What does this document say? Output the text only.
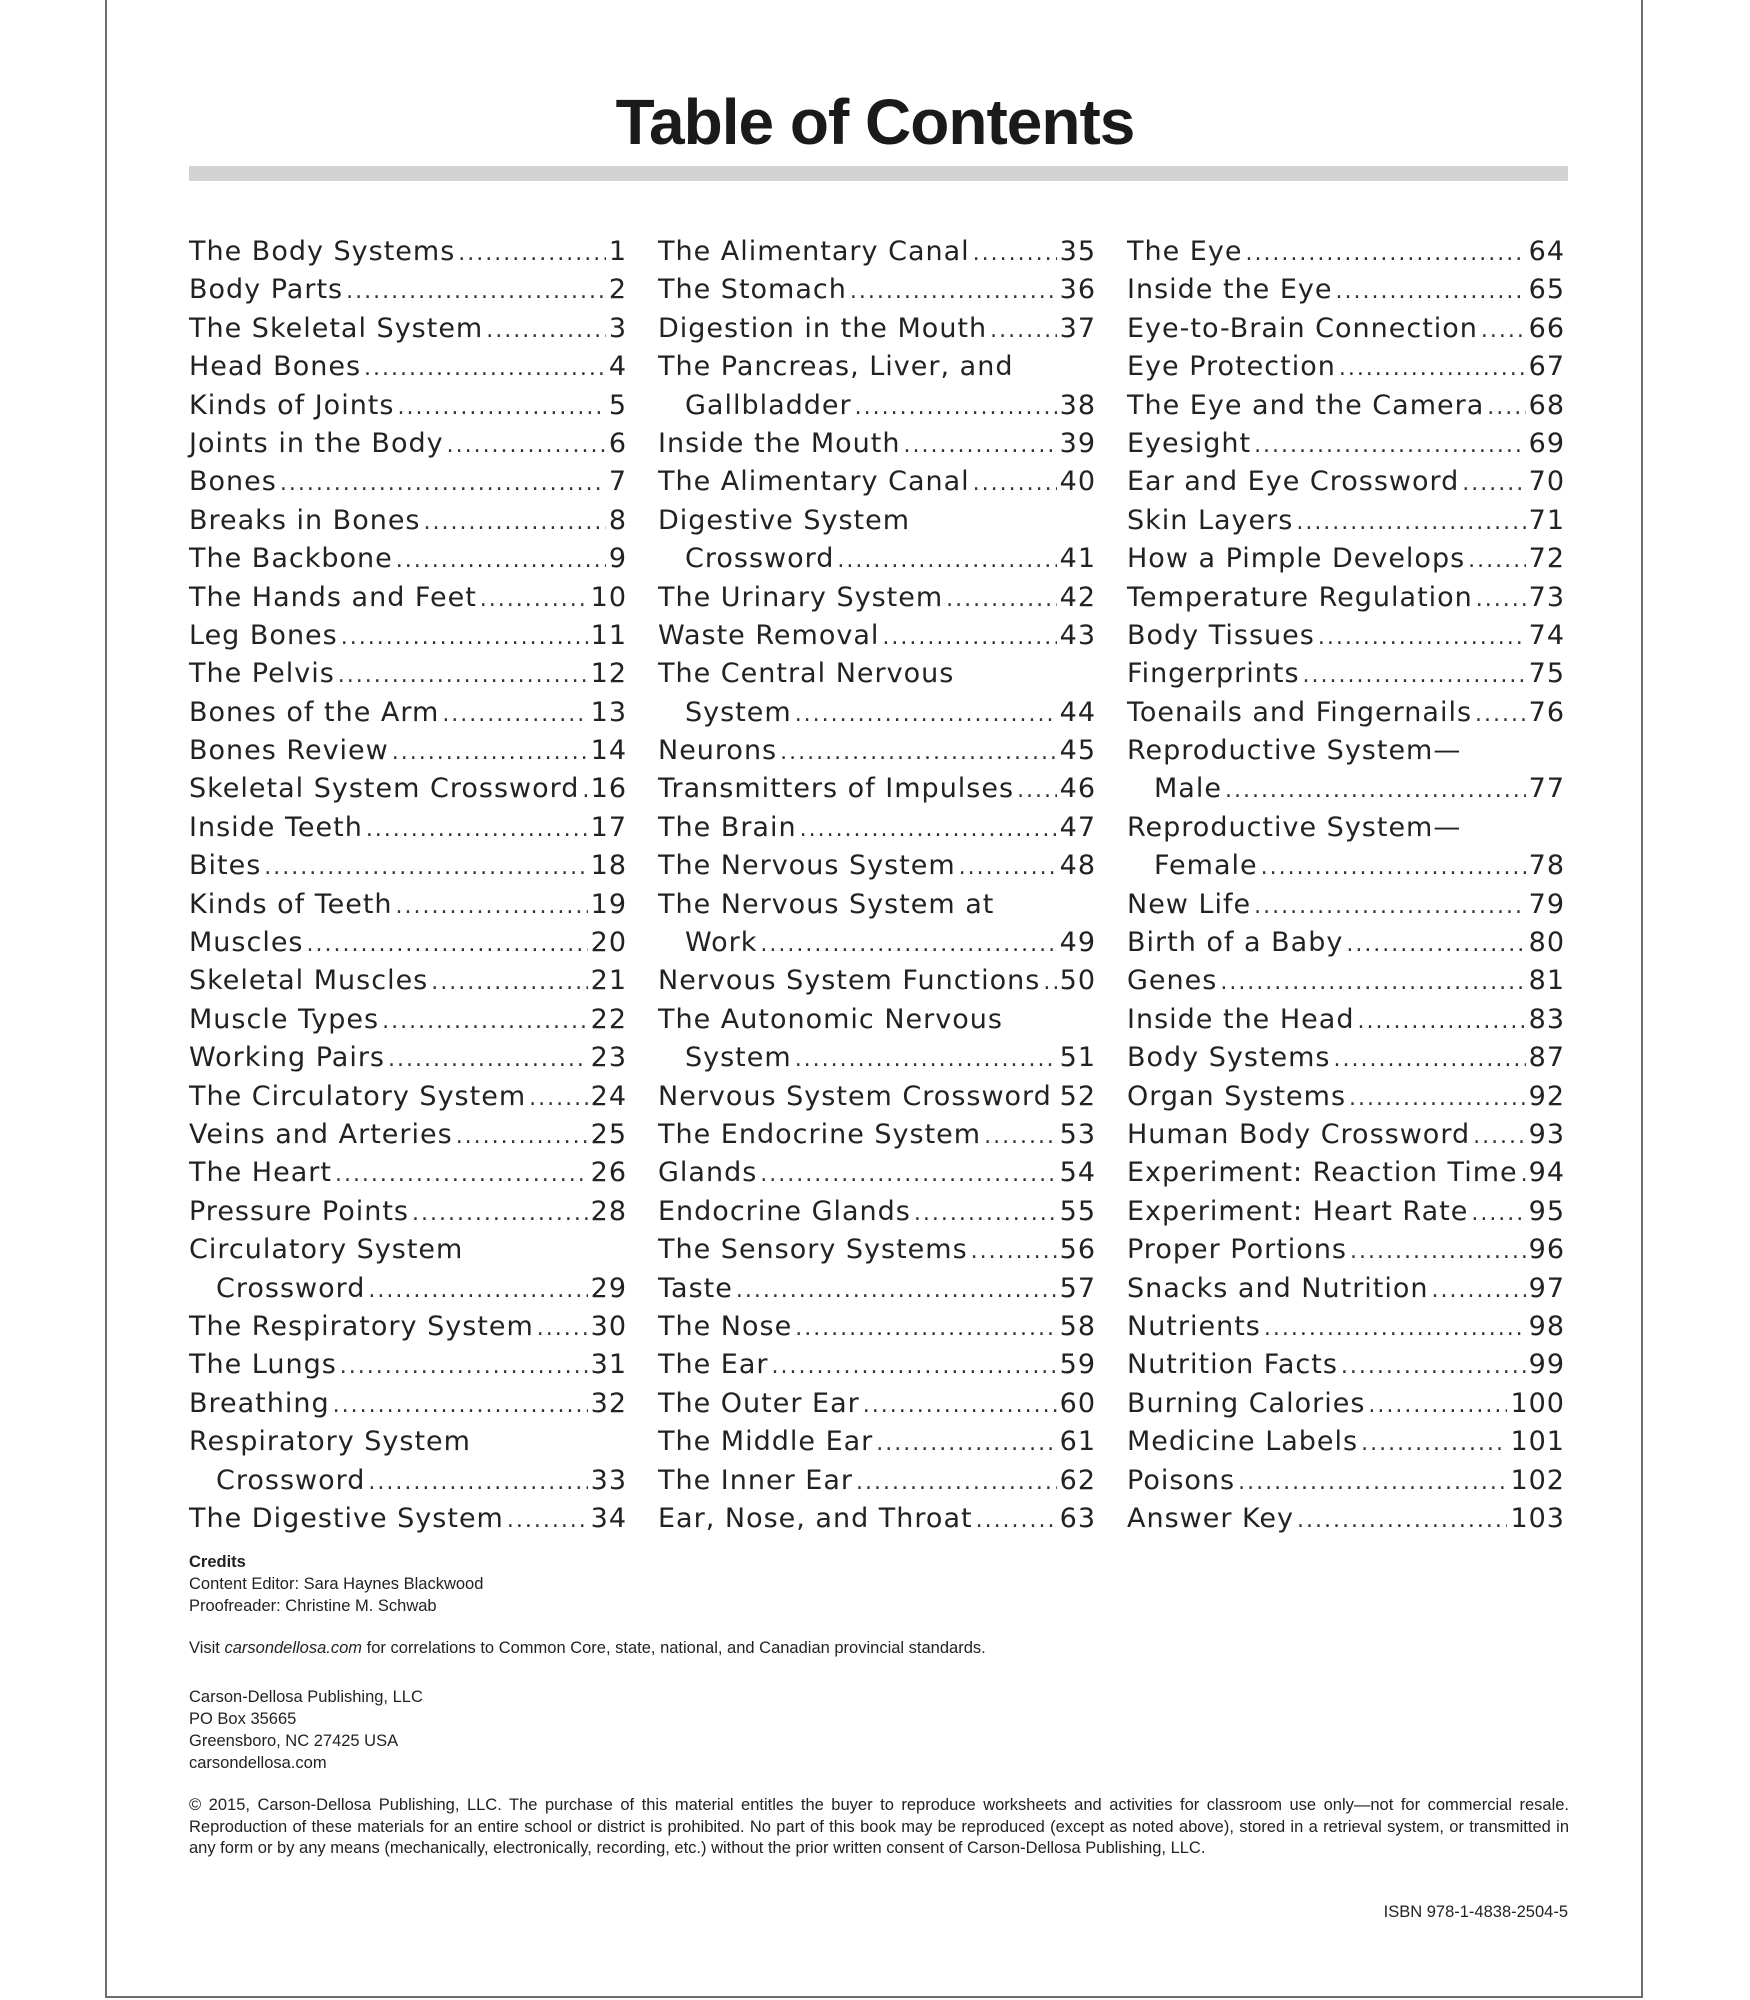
Table of Contents
The Body Systems .....	1
Body Parts .....	2
The Skeletal System .....	3
Head Bones .....	4
Kinds of Joints .....	5
Joints in the Body .....	6
Bones .....	7
Breaks in Bones .....	8
The Backbone .....	9
The Hands and Feet .....	10
Leg Bones .....	11
The Pelvis .....	12
Bones of the Arm .....	13
Bones Review .....	14
Skeletal System Crossword ..... 16
Inside Teeth .....	17
Bites .....	18
Kinds of Teeth .....	19
Muscles .....	20
Skeletal Muscles .....	21
Muscle Types .....	22
Working Pairs .....	23
The Circulatory System ..... 24
Veins and Arteries .....	25
The Heart .....	26
Pressure Points .....	28
Circulatory System
Crossword .....	29
The Respiratory System ..... 30
The Lungs .....	31
Breathing .....	32
Respiratory System
Crossword .....	33
The Digestive System .....	34
The Alimentary Canal .....	35
The Stomach .....	36
Digestion in the Mouth .....	37
The Pancreas, Liver, and
Gallbladder .....	38
Inside the Mouth .....	39
The Alimentary Canal .....	40
Digestive System
Crossword .....	41
The Urinary System .....	42
Waste Removal .....	43
The Central Nervous
System .....	44
Neurons .....	45
Transmitters of Impulses ..... 46
The Brain .....	47
The Nervous System .....	48
The Nervous System at
Work .....	49
Nervous System Functions ..... 50
The Autonomic Nervous
System .....	51
Nervous System Crossword ..... 52
The Endocrine System .....	53
Glands .....	54
Endocrine Glands .....	55
The Sensory Systems .....	56
Taste .....	57
The Nose .....	58
The Ear .....	59
The Outer Ear .....	60
The Middle Ear .....	61
The Inner Ear .....	62
Ear, Nose, and Throat .....	63
The Eye .....	64
Inside the Eye .....	65
Eye-to-Brain Connection ..... 66
Eye Protection .....	67
The Eye and the Camera ..... 68
Eyesight .....	69
Ear and Eye Crossword .....	70
Skin Layers .....	71
How a Pimple Develops ..... 72
Temperature Regulation ..... 73
Body Tissues .....	74
Fingerprints .....	75
Toenails and Fingernails ..... 76
Reproductive System—
Male .....	77
Reproductive System—
Female .....	78
New Life .....	79
Birth of a Baby .....	80
Genes .....	81
Inside the Head .....	83
Body Systems .....	87
Organ Systems .....	92
Human Body Crossword ..... 93
Experiment: Reaction Time ..... 94
Experiment: Heart Rate ..... 95
Proper Portions .....	96
Snacks and Nutrition .....	97
Nutrients .....	98
Nutrition Facts .....	99
Burning Calories .....	100
Medicine Labels .....	101
Poisons .....	102
Answer Key .....	103
Credits
Content Editor: Sara Haynes Blackwood
Proofreader: Christine M. Schwab
Visit carsondellosa.com for correlations to Common Core, state, national, and Canadian provincial standards.
Carson-Dellosa Publishing, LLC
PO Box 35665
Greensboro, NC 27425 USA
carsondellosa.com
© 2015, Carson-Dellosa Publishing, LLC. The purchase of this material entitles the buyer to reproduce worksheets and activities for classroom use only—not for commercial resale. Reproduction of these materials for an entire school or district is prohibited. No part of this book may be reproduced (except as noted above), stored in a retrieval system, or transmitted in any form or by any means (mechanically, electronically, recording, etc.) without the prior written consent of Carson-Dellosa Publishing, LLC.
ISBN 978-1-4838-2504-5
